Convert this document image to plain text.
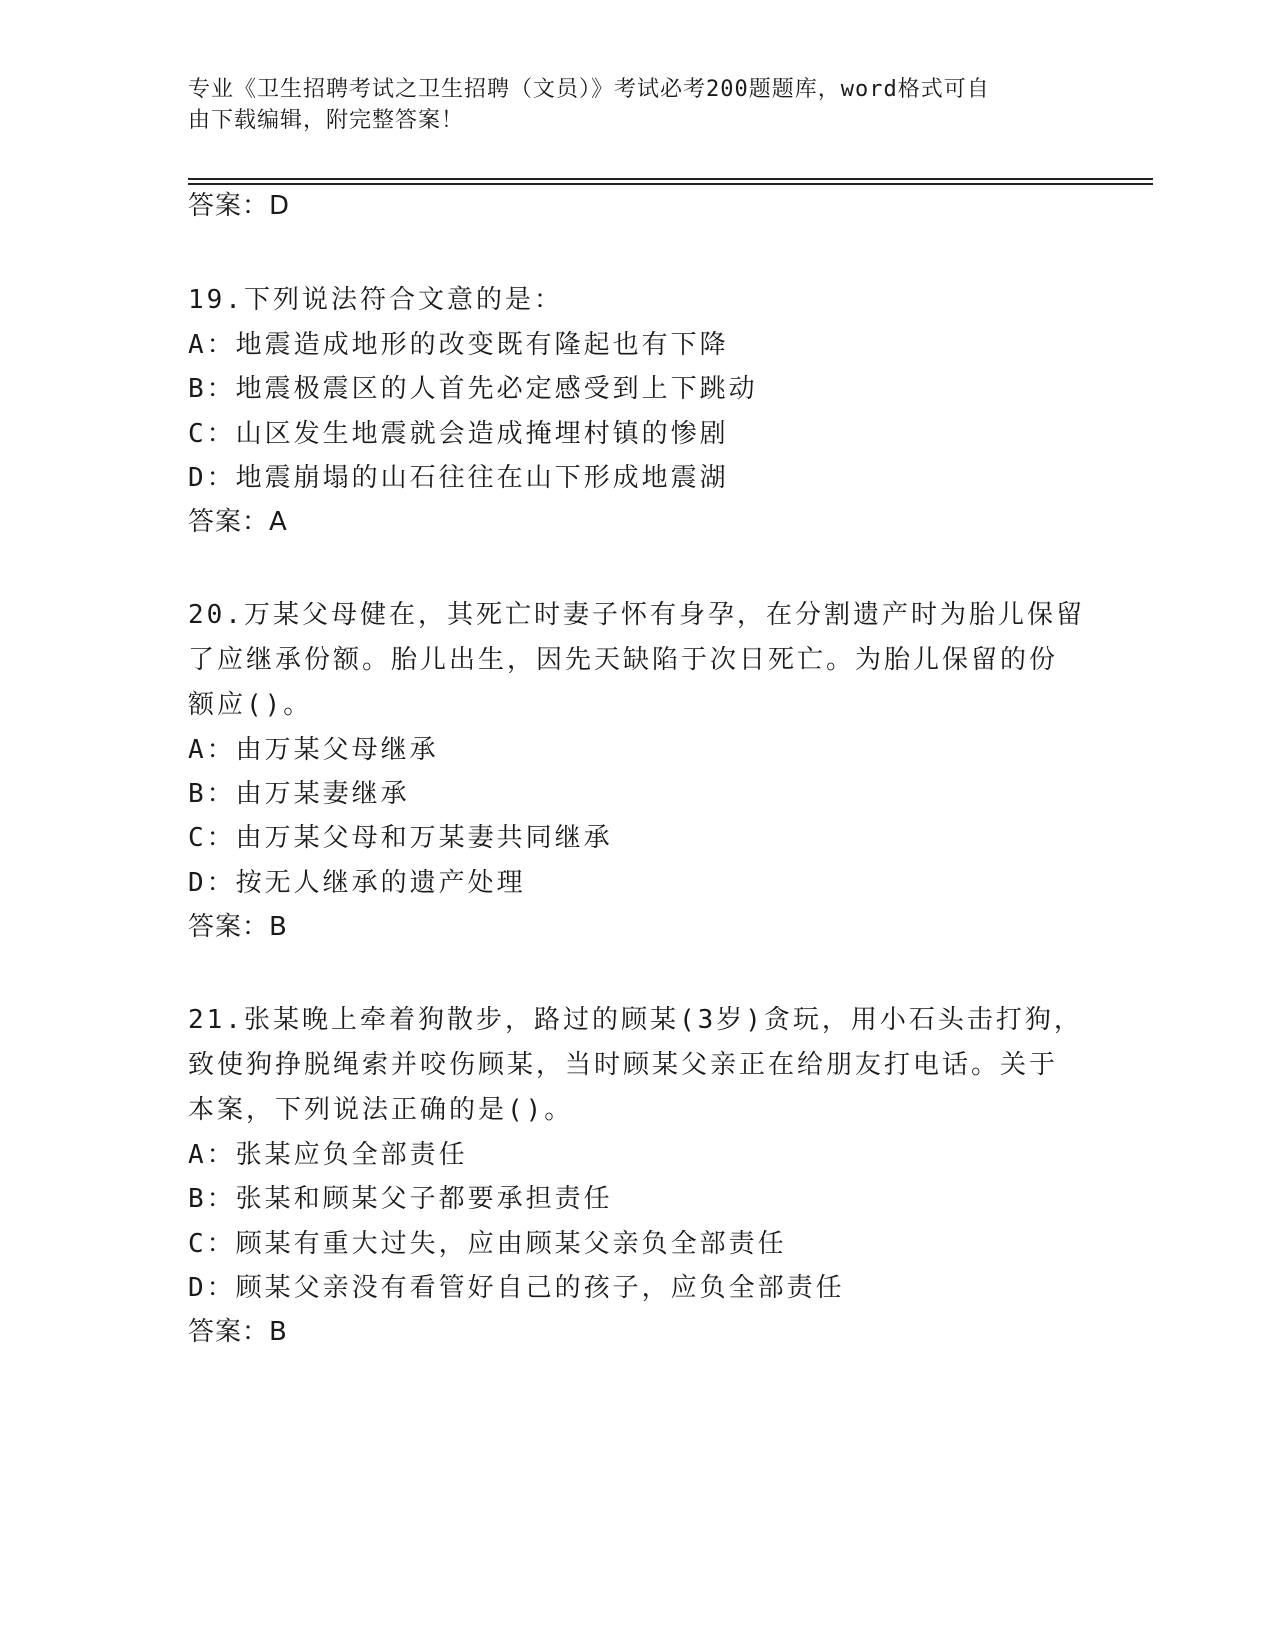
专业《卫生招聘考试之卫生招聘（文员）》考试必考200题题库，word格式可自
由下载编辑，附完整答案！
答案：D
19.下列说法符合文意的是：
A：地震造成地形的改变既有隆起也有下降
B：地震极震区的人首先必定感受到上下跳动
C：山区发生地震就会造成掩埋村镇的惨剧
D：地震崩塌的山石往往在山下形成地震湖
答案：A
20.万某父母健在，其死亡时妻子怀有身孕，在分割遗产时为胎儿保留
了应继承份额。胎儿出生，因先天缺陷于次日死亡。为胎儿保留的份
额应()。
A：由万某父母继承
B：由万某妻继承
C：由万某父母和万某妻共同继承
D：按无人继承的遗产处理
答案：B
21.张某晚上牵着狗散步，路过的顾某(3岁)贪玩，用小石头击打狗，
致使狗挣脱绳索并咬伤顾某，当时顾某父亲正在给朋友打电话。关于
本案，下列说法正确的是()。
A：张某应负全部责任
B：张某和顾某父子都要承担责任
C：顾某有重大过失，应由顾某父亲负全部责任
D：顾某父亲没有看管好自己的孩子，应负全部责任
答案：B
